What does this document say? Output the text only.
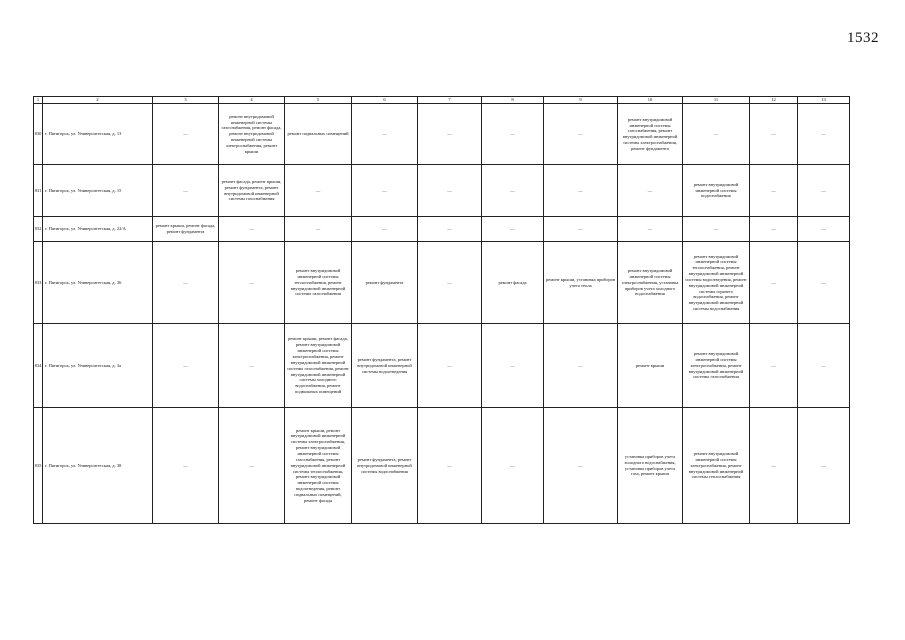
1532
1	2	3	4	5	6	7	8	9	10	11	12	13
830	г. Пятигорск, ул. Университетская, д. 13	—	ремонт внутридомовой инженерной системы газоснабжения, ремонт фасада, ремонт внутридомовой инженерной системы электроснабжения, ремонт крыши	ремонт подвальных помещений	—	—	—	—	ремонт внутридомовой инженерной системы газоснабжения, ремонт внутридомовой инженерной системы электроснабжения, ремонт фундамента	—	—	—
831	г. Пятигорск, ул. Университетская, д. 15	—	ремонт фасада, ремонт крыши, ремонт фундамента, ремонт внутридомовой инженерной системы газоснабжения	—	—	—	—	—	—	ремонт внутридомовой инженерной системы водоснабжения	—	—
832	г. Пятигорск, ул. Университетская, д. 22/А	ремонт крыши, ремонт фасада, ремонт фундамента	—	—	—	—	—	—	—	—	—	—
833	г. Пятигорск, ул. Университетская, д. 36	—	—	ремонт внутридомовой инженерной системы теплоснабжения, ремонт внутридомовой инженерной системы газоснабжения	ремонт фундамента	—	ремонт фасада	ремонт крыши, установка приборов учета тепла	ремонт внутридомовой инженерной системы электроснабжения, установка приборов учета холодного водоснабжения	ремонт внутридомовой инженерной системы теплоснабжения, ремонт внутридомовой инженерной системы водоотведения, ремонт внутридомовой инженерной системы горячего водоснабжения, ремонт внутридомовой инженерной системы водоснабжения	—	—
834	г. Пятигорск, ул. Университетская, д. 3а	—	—	ремонт крыши, ремонт фасада, ремонт внутридомовой инженерной системы электроснабжения, ремонт внутридомовой инженерной системы газоснабжения, ремонт внутридомовой инженерной системы холодного водоснабжения, ремонт подвальных помещений	ремонт фундамента, ремонт внутридомовой инженерной системы водоотведения	—	—	—	ремонт крыши	ремонт внутридомовой инженерной системы электроснабжения, ремонт внутридомовой инженерной системы газоснабжения	—	—
835	г. Пятигорск, ул. Университетская, д. 38	—	—	ремонт крыши, ремонт внутридомовой инженерной системы электроснабжения, ремонт внутридомовой инженерной системы газоснабжения, ремонт внутридомовой инженерной системы теплоснабжения, ремонт внутридомовой инженерной системы водоотведения, ремонт подвальных помещений, ремонт фасада	ремонт фундамента, ремонт внутридомовой инженерной системы водоснабжения	—	—	—	установка приборов учета холодного водоснабжения, установка приборов учета газа, ремонт крыши	ремонт внутридомовой инженерной системы электроснабжения, ремонт внутридомовой инженерной системы теплоснабжения	—	—
